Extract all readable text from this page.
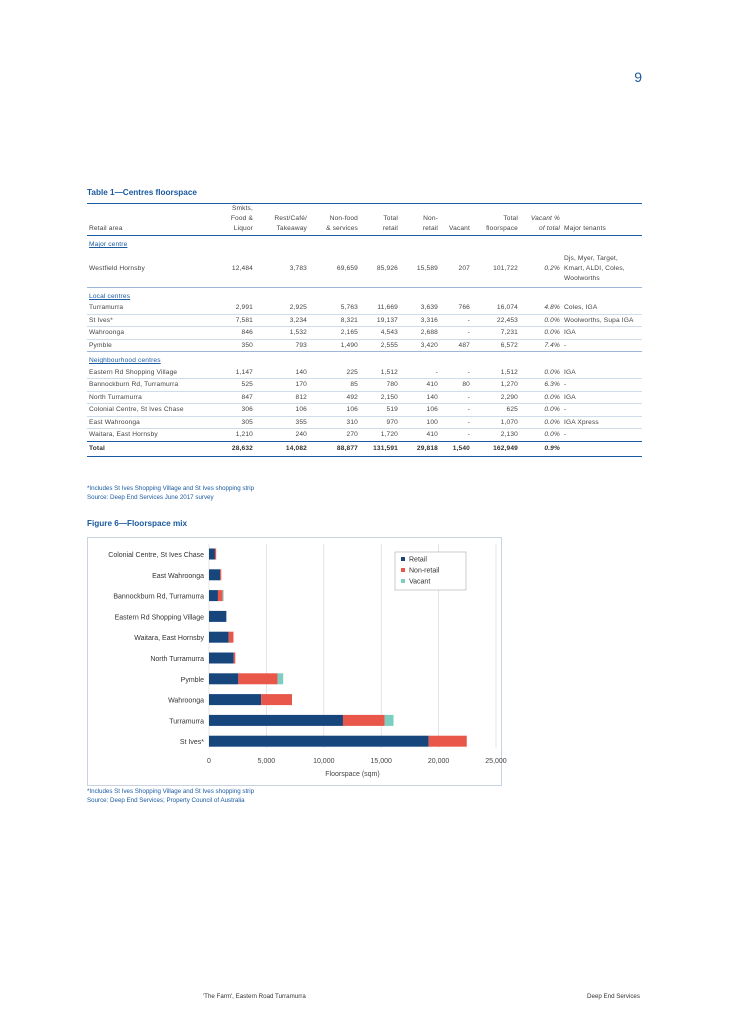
9
Table 1—Centres floorspace
	Smkts,								
	Food &	Rest/Café/	Non-food	Total	Non-		Total	Vacant %	
Retail area	Liquor	Takeaway	& services	retail	retail	Vacant	floorspace	of total	Major tenants
Major centre									
Westfield Hornsby	12,484	3,783	69,659	85,926	15,589	207	101,722	0.2%	Djs, Myer, Target, Kmart, ALDI, Coles, Woolworths
Local centres									
Turramurra	2,991	2,925	5,763	11,669	3,639	766	16,074	4.8%	Coles, IGA
St Ives*	7,581	3,234	8,321	19,137	3,316	-	22,453	0.0%	Woolworths, Supa IGA
Wahroonga	846	1,532	2,165	4,543	2,688	-	7,231	0.0%	IGA
Pymble	350	793	1,490	2,555	3,420	487	6,572	7.4%	-
Neighbourhood centres									
Eastern Rd Shopping Village	1,147	140	225	1,512	-	-	1,512	0.0%	IGA
Bannockburn Rd, Turramurra	525	170	85	780	410	80	1,270	6.3%	-
North Turramurra	847	812	492	2,150	140	-	2,290	0.0%	IGA
Colonial Centre, St Ives Chase	306	106	106	519	106	-	625	0.0%	-
East Wahroonga	305	355	310	970	100	-	1,070	0.0%	IGA Xpress
Waitara, East Hornsby	1,210	240	270	1,720	410	-	2,130	0.0%	-
Total	28,632	14,082	88,877	131,591	29,818	1,540	162,949	0.9%	
*Includes St Ives Shopping Village and St Ives shopping strip
Source: Deep End Services June 2017 survey
Figure 6—Floorspace mix
0	5,000	10,000	15,000	20,000	25,000
Colonial Centre, St Ives Chase
East Wahroonga
Bannockburn Rd, Turramurra
Eastern Rd Shopping Village
Waitara, East Hornsby
North Turramurra
Pymble
Wahroonga
Turramurra
St Ives*
Retail
Non-retail
Vacant
Floorspace (sqm)
*Includes St Ives Shopping Village and St Ives shopping strip
Source: Deep End Services; Property Council of Australia
'The Farm', Eastern Road Turramurra	Deep End Services
